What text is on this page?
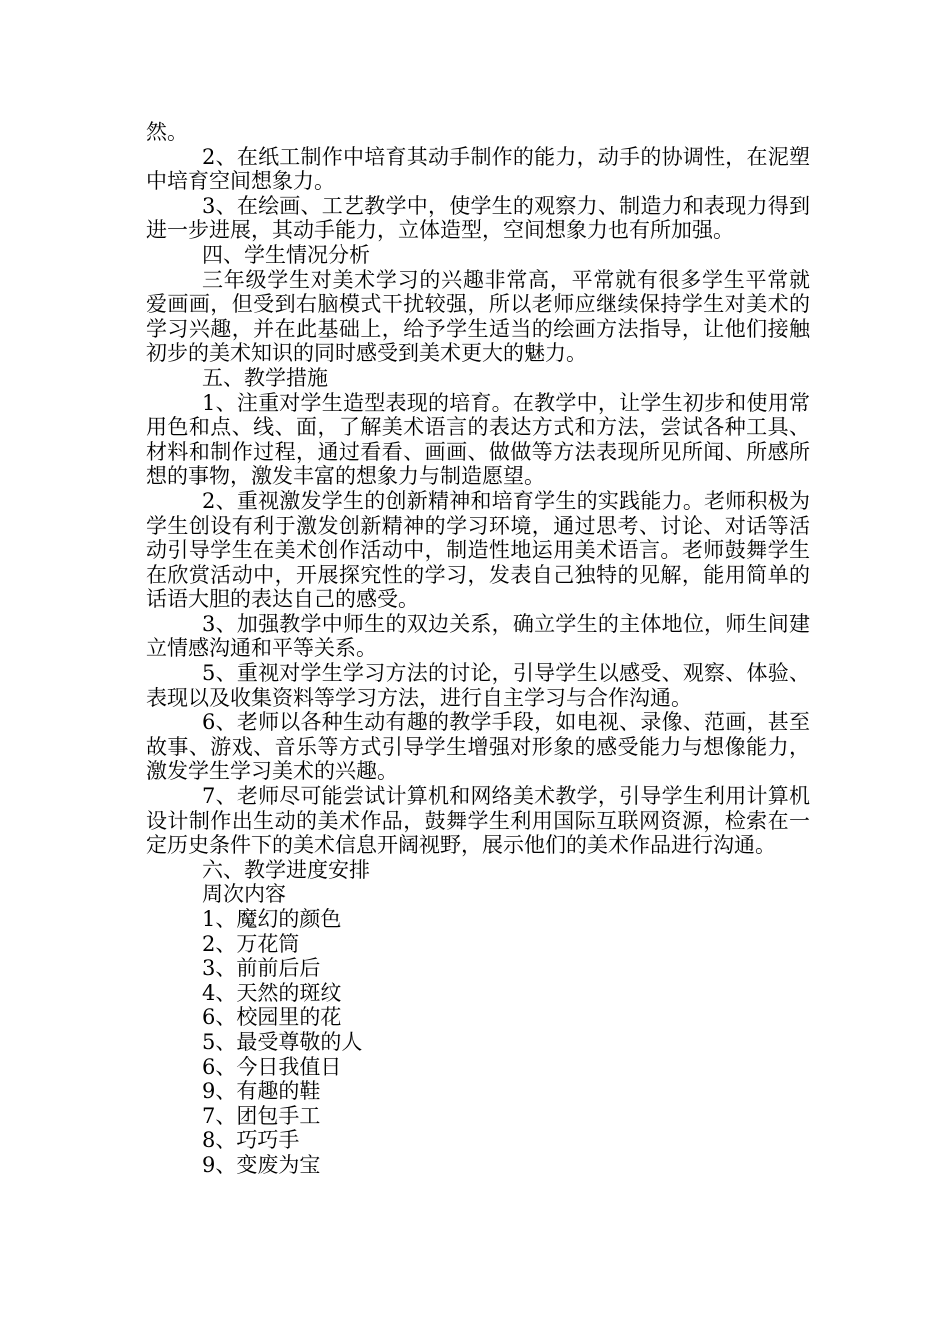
然。

2、在纸工制作中培育其动手制作的能力，动手的协调性，在泥塑中培育空间想象力。

3、在绘画、工艺教学中，使学生的观察力、制造力和表现力得到进一步进展，其动手能力，立体造型，空间想象力也有所加强。

四、学生情况分析

三年级学生对美术学习的兴趣非常高，平常就有很多学生平常就爱画画，但受到右脑模式干扰较强，所以老师应继续保持学生对美术的学习兴趣，并在此基础上，给予学生适当的绘画方法指导，让他们接触初步的美术知识的同时感受到美术更大的魅力。

五、教学措施

1、注重对学生造型表现的培育。在教学中，让学生初步和使用常用色和点、线、面，了解美术语言的表达方式和方法，尝试各种工具、材料和制作过程，通过看看、画画、做做等方法表现所见所闻、所感所想的事物，激发丰富的想象力与制造愿望。

2、重视激发学生的创新精神和培育学生的实践能力。老师积极为学生创设有利于激发创新精神的学习环境，通过思考、讨论、对话等活动引导学生在美术创作活动中，制造性地运用美术语言。老师鼓舞学生在欣赏活动中，开展探究性的学习，发表自己独特的见解，能用简单的话语大胆的表达自己的感受。

3、加强教学中师生的双边关系，确立学生的主体地位，师生间建立情感沟通和平等关系。

5、重视对学生学习方法的讨论，引导学生以感受、观察、体验、表现以及收集资料等学习方法，进行自主学习与合作沟通。

6、老师以各种生动有趣的教学手段，如电视、录像、范画，甚至故事、游戏、音乐等方式引导学生增强对形象的感受能力与想像能力，激发学生学习美术的兴趣。

7、老师尽可能尝试计算机和网络美术教学，引导学生利用计算机设计制作出生动的美术作品，鼓舞学生利用国际互联网资源，检索在一定历史条件下的美术信息开阔视野，展示他们的美术作品进行沟通。

六、教学进度安排

周次内容

1、魔幻的颜色

2、万花筒

3、前前后后

4、天然的斑纹

6、校园里的花

5、最受尊敬的人

6、今日我值日

9、有趣的鞋

7、团包手工

8、巧巧手

9、变废为宝
